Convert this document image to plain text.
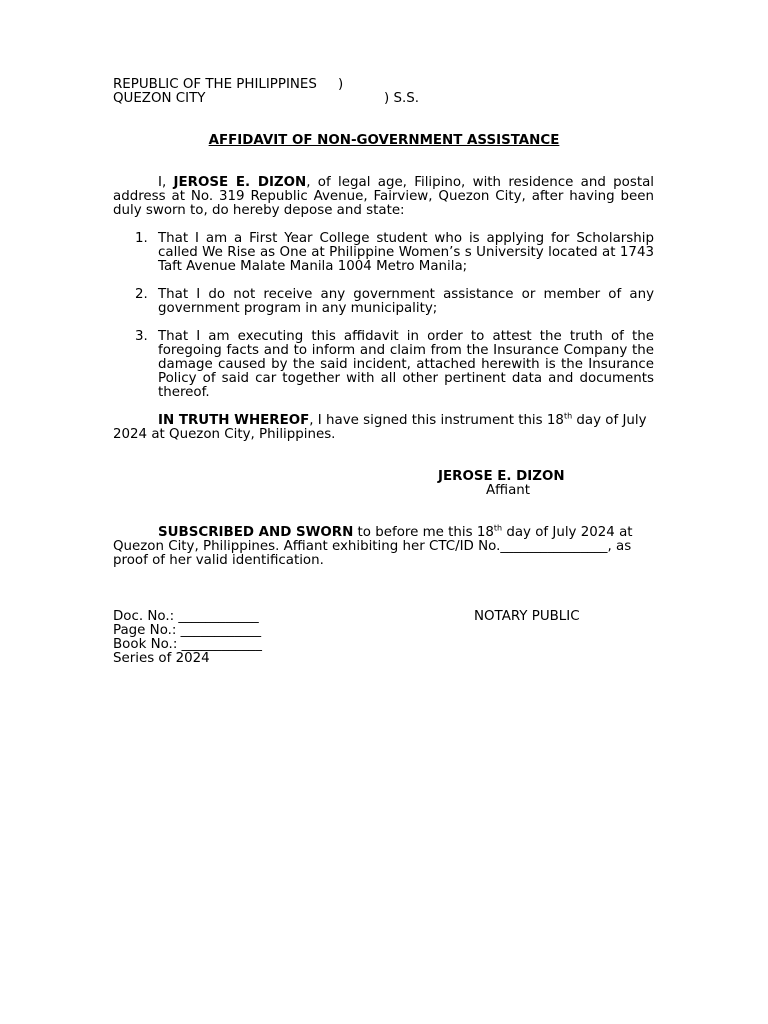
REPUBLIC OF THE PHILIPPINES )
QUEZON CITY	) S.S.
AFFIDAVIT OF NON-GOVERNMENT ASSISTANCE
I, JEROSE E. DIZON, of legal age, Filipino, with residence and postal address at No. 319 Republic Avenue, Fairview, Quezon City, after having been duly sworn to, do hereby depose and state:
1. That I am a First Year College student who is applying for Scholarship called We Rise as One at Philippine Women’s s University located at 1743 Taft Avenue Malate Manila 1004 Metro Manila;
2. That I do not receive any government assistance or member of any government program in any municipality;
3. That I am executing this affidavit in order to attest the truth of the foregoing facts and to inform and claim from the Insurance Company the damage caused by the said incident, attached herewith is the Insurance Policy of said car together with all other pertinent data and documents thereof.
IN TRUTH WHEREOF, I have signed this instrument this 18th day of July 2024 at Quezon City, Philippines.
JEROSE E. DIZON
Affiant
SUBSCRIBED AND SWORN to before me this 18th day of July 2024 at Quezon City, Philippines. Affiant exhibiting her CTC/ID No.________________, as proof of her valid identification.
Doc. No.: ____________
Page No.: ____________
Book No.: ____________
Series of 2024
NOTARY PUBLIC
